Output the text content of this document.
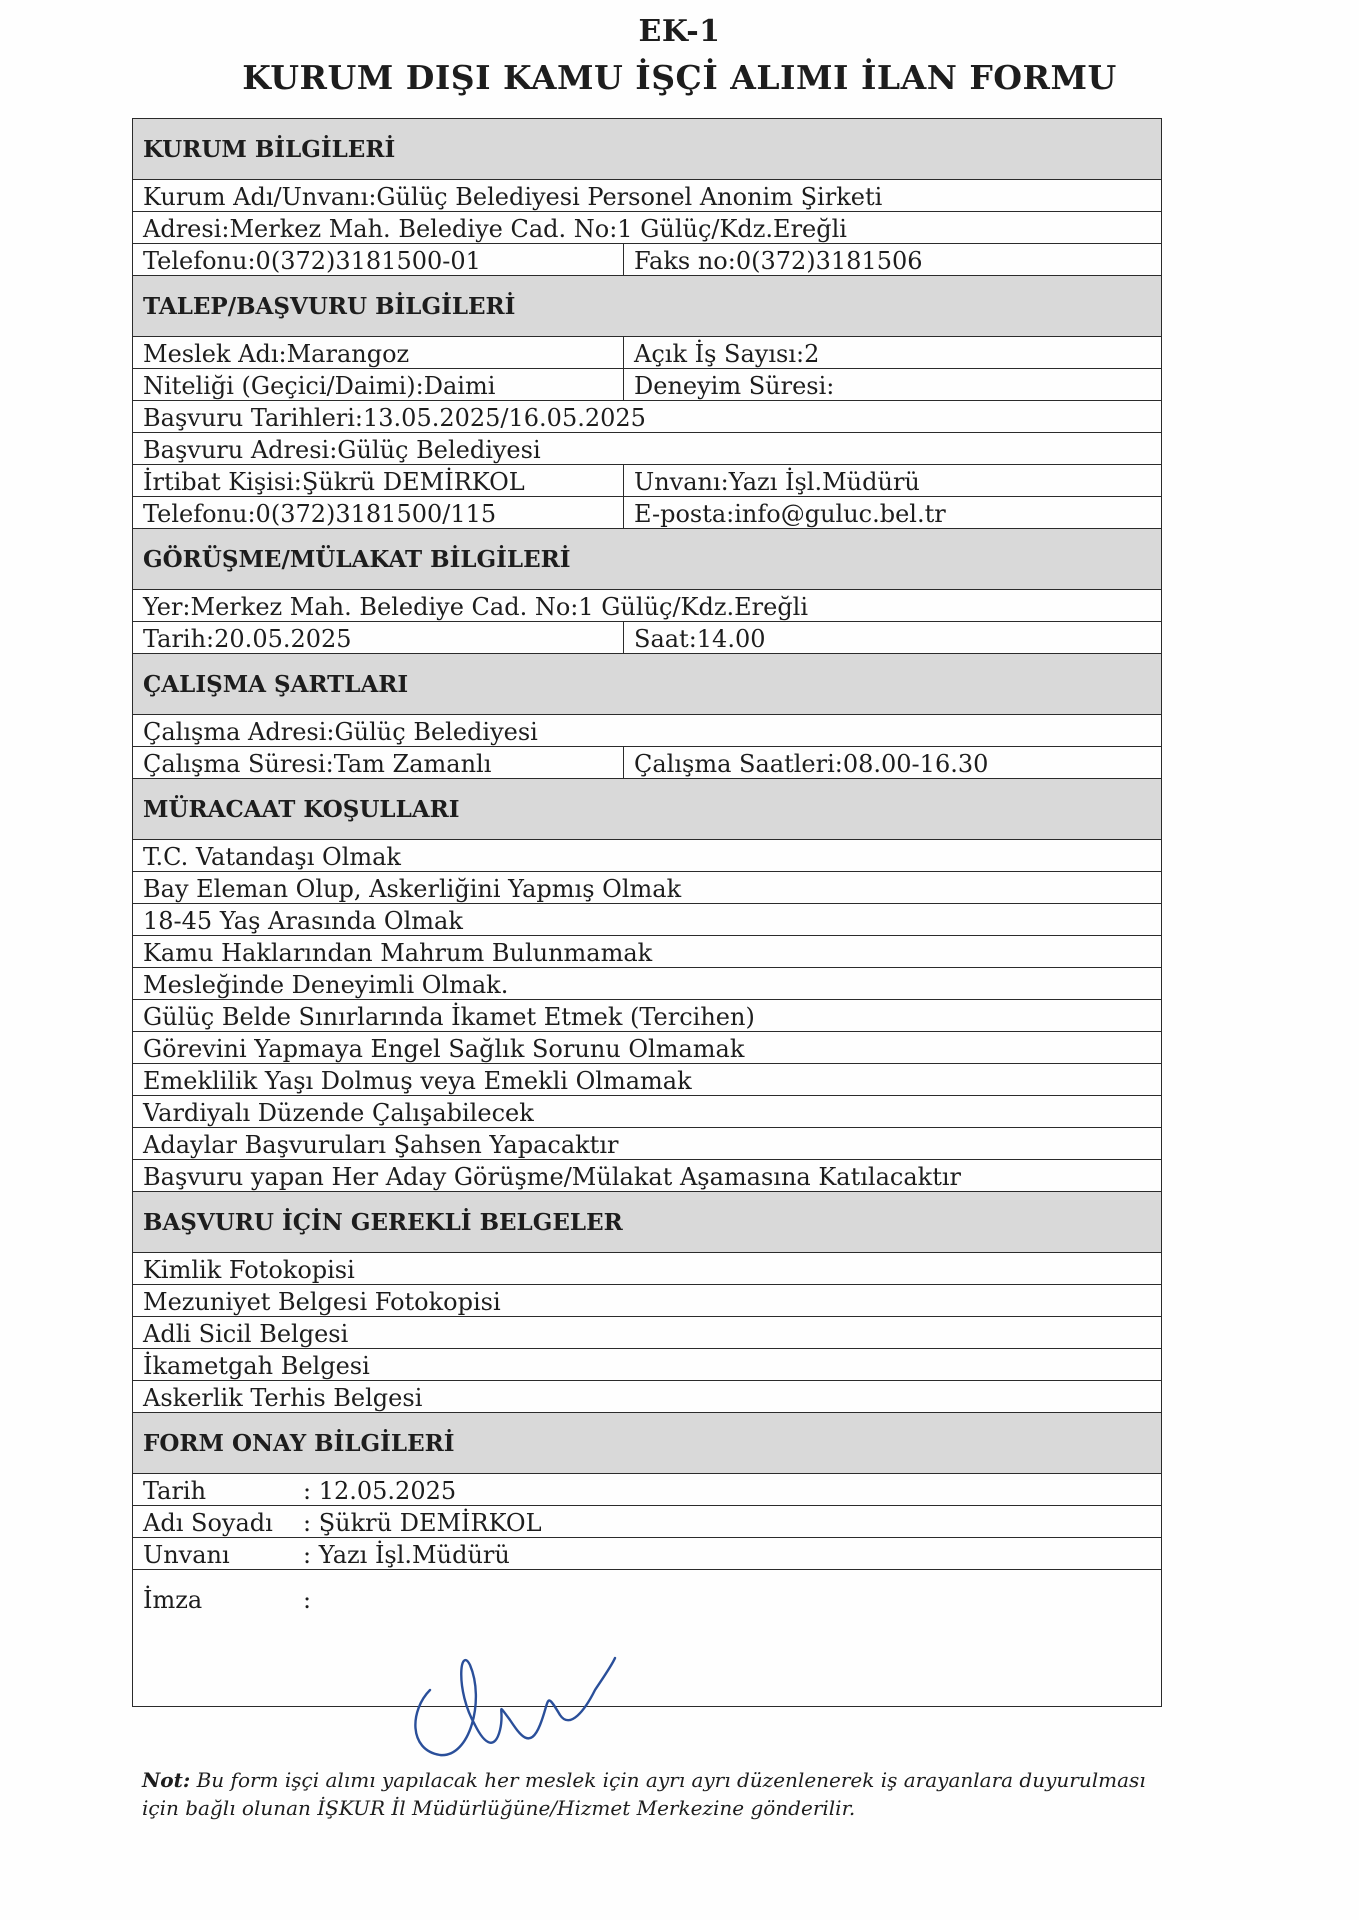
EK-1
KURUM DIŞI KAMU İŞÇİ ALIMI İLAN FORMU
KURUM BİLGİLERİ	
Kurum Adı/Unvanı:Gülüç Belediyesi Personel Anonim Şirketi	
Adresi:Merkez Mah. Belediye Cad. No:1 Gülüç/Kdz.Ereğli	
Telefonu:0(372)3181500-01	Faks no:0(372)3181506
TALEP/BAŞVURU BİLGİLERİ	
Meslek Adı:Marangoz	Açık İş Sayısı:2
Niteliği (Geçici/Daimi):Daimi	Deneyim Süresi:
Başvuru Tarihleri:13.05.2025/16.05.2025	
Başvuru Adresi:Gülüç Belediyesi	
İrtibat Kişisi:Şükrü DEMİRKOL	Unvanı:Yazı İşl.Müdürü
Telefonu:0(372)3181500/115	E-posta:info@guluc.bel.tr
GÖRÜŞME/MÜLAKAT BİLGİLERİ	
Yer:Merkez Mah. Belediye Cad. No:1 Gülüç/Kdz.Ereğli	
Tarih:20.05.2025	Saat:14.00
ÇALIŞMA ŞARTLARI	
Çalışma Adresi:Gülüç Belediyesi	
Çalışma Süresi:Tam Zamanlı	Çalışma Saatleri:08.00-16.30
MÜRACAAT KOŞULLARI	
T.C. Vatandaşı Olmak	
Bay Eleman Olup, Askerliğini Yapmış Olmak	
18-45 Yaş Arasında Olmak	
Kamu Haklarından Mahrum Bulunmamak	
Mesleğinde Deneyimli Olmak.	
Gülüç Belde Sınırlarında İkamet Etmek (Tercihen)	
Görevini Yapmaya Engel Sağlık Sorunu Olmamak	
Emeklilik Yaşı Dolmuş veya Emekli Olmamak	
Vardiyalı Düzende Çalışabilecek	
Adaylar Başvuruları Şahsen Yapacaktır	
Başvuru yapan Her Aday Görüşme/Mülakat Aşamasına Katılacaktır	
BAŞVURU İÇİN GEREKLİ BELGELER	
Kimlik Fotokopisi	
Mezuniyet Belgesi Fotokopisi	
Adli Sicil Belgesi	
İkametgah Belgesi	
Askerlik Terhis Belgesi	
FORM ONAY BİLGİLERİ	

Tarih : 12.05.2025	

Adı Soyadı : Şükrü DEMİRKOL	

Unvanı : Yazı İşl.Müdürü	

İmza :	
Not: Bu form işçi alımı yapılacak her meslek için ayrı ayrı düzenlenerek iş arayanlara duyurulması için bağlı olunan İŞKUR İl Müdürlüğüne/Hizmet Merkezine gönderilir.
